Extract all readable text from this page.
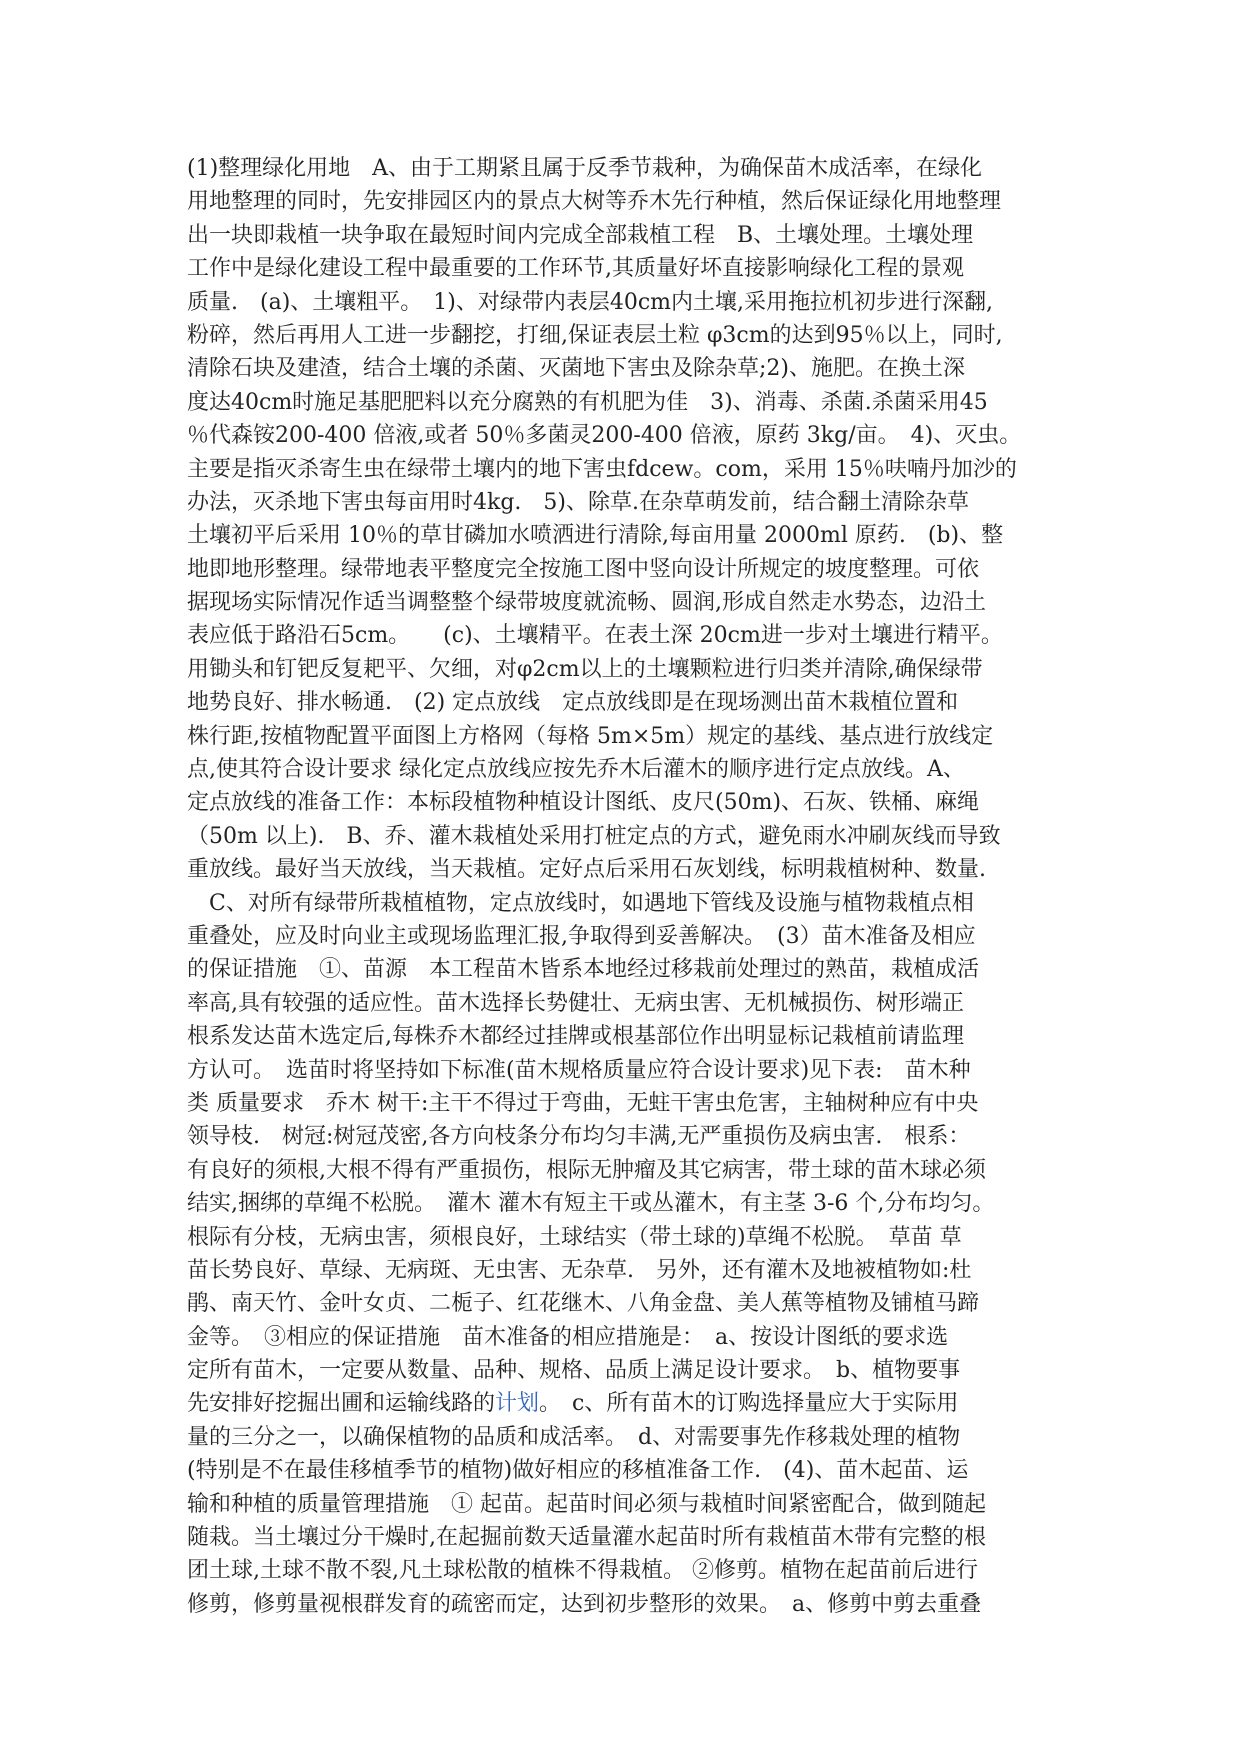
(1)整理绿化用地　A、由于工期紧且属于反季节栽种，为确保苗木成活率，在绿化
用地整理的同时，先安排园区内的景点大树等乔木先行种植，然后保证绿化用地整理
出一块即栽植一块争取在最短时间内完成全部栽植工程　B、土壤处理。土壤处理
工作中是绿化建设工程中最重要的工作环节,其质量好坏直接影响绿化工程的景观
质量.　(a)、土壤粗平。　1)、对绿带内表层40cm内土壤,采用拖拉机初步进行深翻,
粉碎，然后再用人工进一步翻挖，打细,保证表层土粒 φ3cm的达到95％以上，同时,
清除石块及建渣，结合土壤的杀菌、灭菌地下害虫及除杂草;2)、施肥。在换土深
度达40cm时施足基肥肥料以充分腐熟的有机肥为佳　3)、消毒、杀菌.杀菌采用45
％代森铵200-400 倍液,或者 50％多菌灵200-400 倍液，原药 3kg/亩。　4)、灭虫。
主要是指灭杀寄生虫在绿带土壤内的地下害虫fdcew。com，采用 15％呋喃丹加沙的
办法，灭杀地下害虫每亩用时4kg.　5)、除草.在杂草萌发前，结合翻土清除杂草
土壤初平后采用 10％的草甘磷加水喷洒进行清除,每亩用量 2000ml 原药.　(b)、整
地即地形整理。绿带地表平整度完全按施工图中竖向设计所规定的坡度整理。可依
据现场实际情况作适当调整整个绿带坡度就流畅、圆润,形成自然走水势态，边沿土
表应低于路沿石5cm。　　(c)、土壤精平。在表土深 20cm进一步对土壤进行精平。
用锄头和钉钯反复耙平、欠细，对φ2cm以上的土壤颗粒进行归类并清除,确保绿带
地势良好、排水畅通.　(2) 定点放线　定点放线即是在现场测出苗木栽植位置和
株行距,按植物配置平面图上方格网（每格 5m×5m）规定的基线、基点进行放线定
点,使其符合设计要求 绿化定点放线应按先乔木后灌木的顺序进行定点放线。A、
定点放线的准备工作：本标段植物种植设计图纸、皮尺(50m)、石灰、铁桶、麻绳
（50m 以上).　B、乔、灌木栽植处采用打桩定点的方式，避免雨水冲刷灰线而导致
重放线。最好当天放线，当天栽植。定好点后采用石灰划线，标明栽植树种、数量.
　C、对所有绿带所栽植植物，定点放线时，如遇地下管线及设施与植物栽植点相
重叠处，应及时向业主或现场监理汇报,争取得到妥善解决。　(3）苗木准备及相应
的保证措施　①、苗源　本工程苗木皆系本地经过移栽前处理过的熟苗，栽植成活
率高,具有较强的适应性。苗木选择长势健壮、无病虫害、无机械损伤、树形端正
根系发达苗木选定后,每株乔木都经过挂牌或根基部位作出明显标记栽植前请监理
方认可。　选苗时将坚持如下标准(苗木规格质量应符合设计要求)见下表:　苗木种
类 质量要求　乔木 树干:主干不得过于弯曲，无蛀干害虫危害，主轴树种应有中央
领导枝.　树冠:树冠茂密,各方向枝条分布均匀丰满,无严重损伤及病虫害.　根系：
有良好的须根,大根不得有严重损伤，根际无肿瘤及其它病害，带土球的苗木球必须
结实,捆绑的草绳不松脱。　灌木 灌木有短主干或丛灌木，有主茎 3-6 个,分布均匀。
根际有分枝，无病虫害，须根良好，土球结实（带土球的)草绳不松脱。　草苗 草
苗长势良好、草绿、无病斑、无虫害、无杂草.　另外，还有灌木及地被植物如:杜
鹃、南天竹、金叶女贞、二栀子、红花继木、八角金盘、美人蕉等植物及铺植马蹄
金等。　③相应的保证措施　苗木准备的相应措施是：　a、按设计图纸的要求选
定所有苗木，一定要从数量、品种、规格、品质上满足设计要求。　b、植物要事
先安排好挖掘出圃和运输线路的计划。　c、所有苗木的订购选择量应大于实际用
量的三分之一，以确保植物的品质和成活率。　d、对需要事先作移栽处理的植物
(特别是不在最佳移植季节的植物)做好相应的移植准备工作.　(4)、苗木起苗、运
输和种植的质量管理措施　① 起苗。起苗时间必须与栽植时间紧密配合，做到随起
随栽。当土壤过分干燥时,在起掘前数天适量灌水起苗时所有栽植苗木带有完整的根
团土球,土球不散不裂,凡土球松散的植株不得栽植。 ②修剪。植物在起苗前后进行
修剪，修剪量视根群发育的疏密而定，达到初步整形的效果。　a、修剪中剪去重叠
